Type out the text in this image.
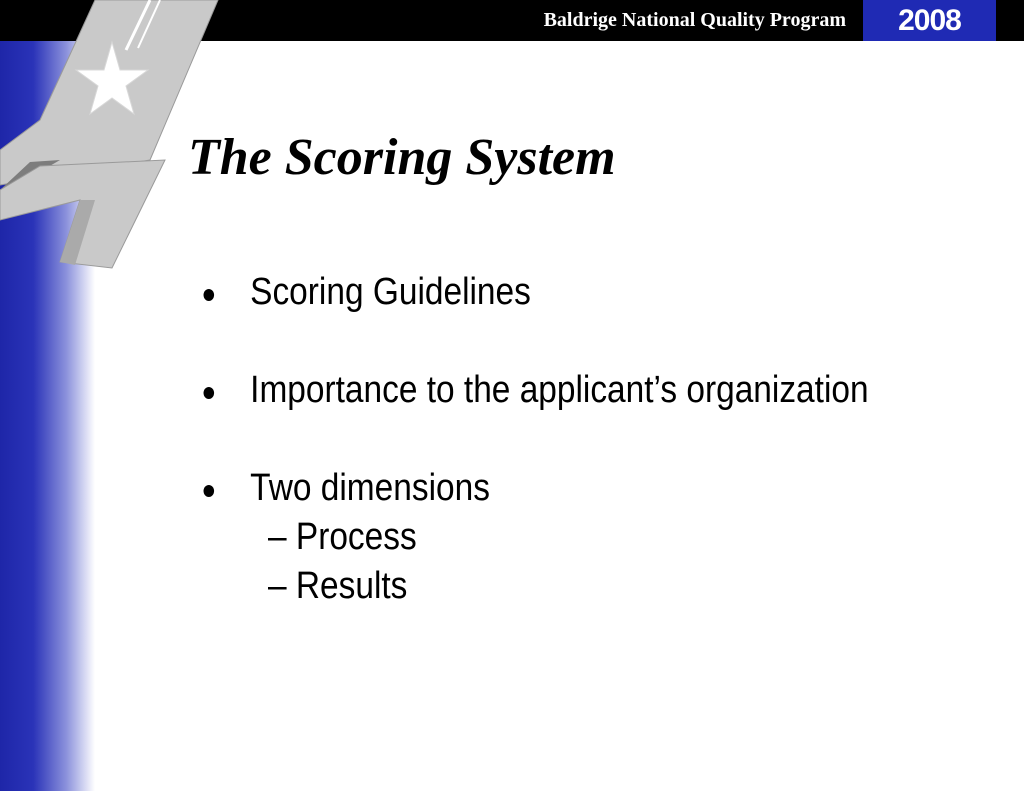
Baldrige National Quality Program	2008
The Scoring System
Scoring Guidelines
Importance to the applicant’s organization
Two dimensions
– Process
– Results
